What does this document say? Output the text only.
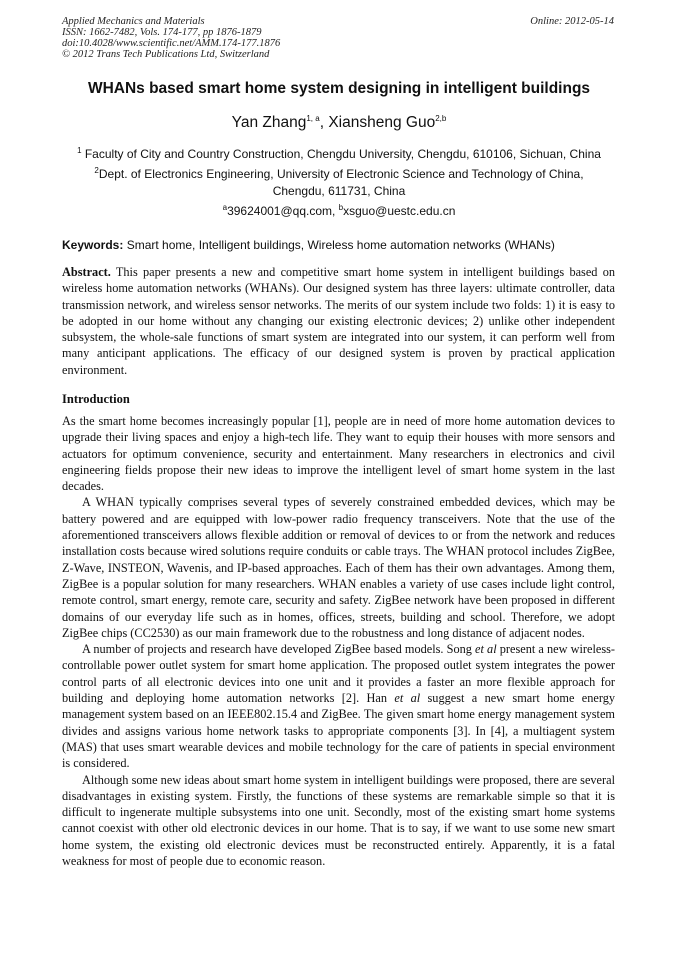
Applied Mechanics and Materials
ISSN: 1662-7482, Vols. 174-177, pp 1876-1879
doi:10.4028/www.scientific.net/AMM.174-177.1876
© 2012 Trans Tech Publications Ltd, Switzerland
Online: 2012-05-14
WHANs based smart home system designing in intelligent buildings
Yan Zhang$^{1, a}$, Xiansheng Guo$^{2,b}$
$^1$ Faculty of City and Country Construction, Chengdu University, Chengdu, 610106, Sichuan, China
$^2$Dept. of Electronics Engineering, University of Electronic Science and Technology of China,
Chengdu, 611731, China
$^a$39624001@qq.com, $^b$xsguo@uestc.edu.cn
Keywords: Smart home, Intelligent buildings, Wireless home automation networks (WHANs)

Abstract. This paper presents a new and competitive smart home system in intelligent buildings based on wireless home automation networks (WHANs). Our designed system has three layers: ultimate controller, data transmission network, and wireless sensor networks. The merits of our system include two folds: 1) it is easy to be adopted in our home without any changing our existing electronic devices; 2) unlike other independent subsystem, the whole-sale functions of smart system are integrated into our system, it can perform well from many anticipant applications. The efficacy of our designed system is proven by practical application environment.

Introduction

As the smart home becomes increasingly popular [1], people are in need of more home automation devices to upgrade their living spaces and enjoy a high-tech life. They want to equip their houses with more sensors and actuators for optimum convenience, security and entertainment. Many researchers in electronics and civil engineering fields propose their new ideas to improve the intelligent level of smart home system in the last decades.

A WHAN typically comprises several types of severely constrained embedded devices, which may be battery powered and are equipped with low-power radio frequency transceivers. Note that the use of the aforementioned transceivers allows flexible addition or removal of devices to or from the network and reduces installation costs because wired solutions require conduits or cable trays. The WHAN protocol includes ZigBee, Z-Wave, INSTEON, Wavenis, and IP-based approaches. Each of them has their own advantages. Among them, ZigBee is a popular solution for many researchers. WHAN enables a variety of use cases include light control, remote control, smart energy, remote care, security and safety. ZigBee network have been proposed in different domains of our everyday life such as in homes, offices, streets, building and school. Therefore, we adopt ZigBee chips (CC2530) as our main framework due to the robustness and long distance of adjacent nodes.

A number of projects and research have developed ZigBee based models. Song et al present a new wireless-controllable power outlet system for smart home application. The proposed outlet system integrates the power control parts of all electronic devices into one unit and it provides a faster an more flexible approach for building and deploying home automation networks [2]. Han et al suggest a new smart home energy management system based on an IEEE802.15.4 and ZigBee. The given smart home energy management system divides and assigns various home network tasks to appropriate components [3]. In [4], a multiagent system (MAS) that uses smart wearable devices and mobile technology for the care of patients in special environment is considered.

Although some new ideas about smart home system in intelligent buildings were proposed, there are several disadvantages in existing system. Firstly, the functions of these systems are remarkable simple so that it is difficult to ingenerate multiple subsystems into one unit. Secondly, most of the existing smart home systems cannot coexist with other old electronic devices in our home. That is to say, if we want to use some new smart home system, the existing old electronic devices must be reconstructed entirely. Apparently, it is a fatal weakness for most of people due to economic reason.
